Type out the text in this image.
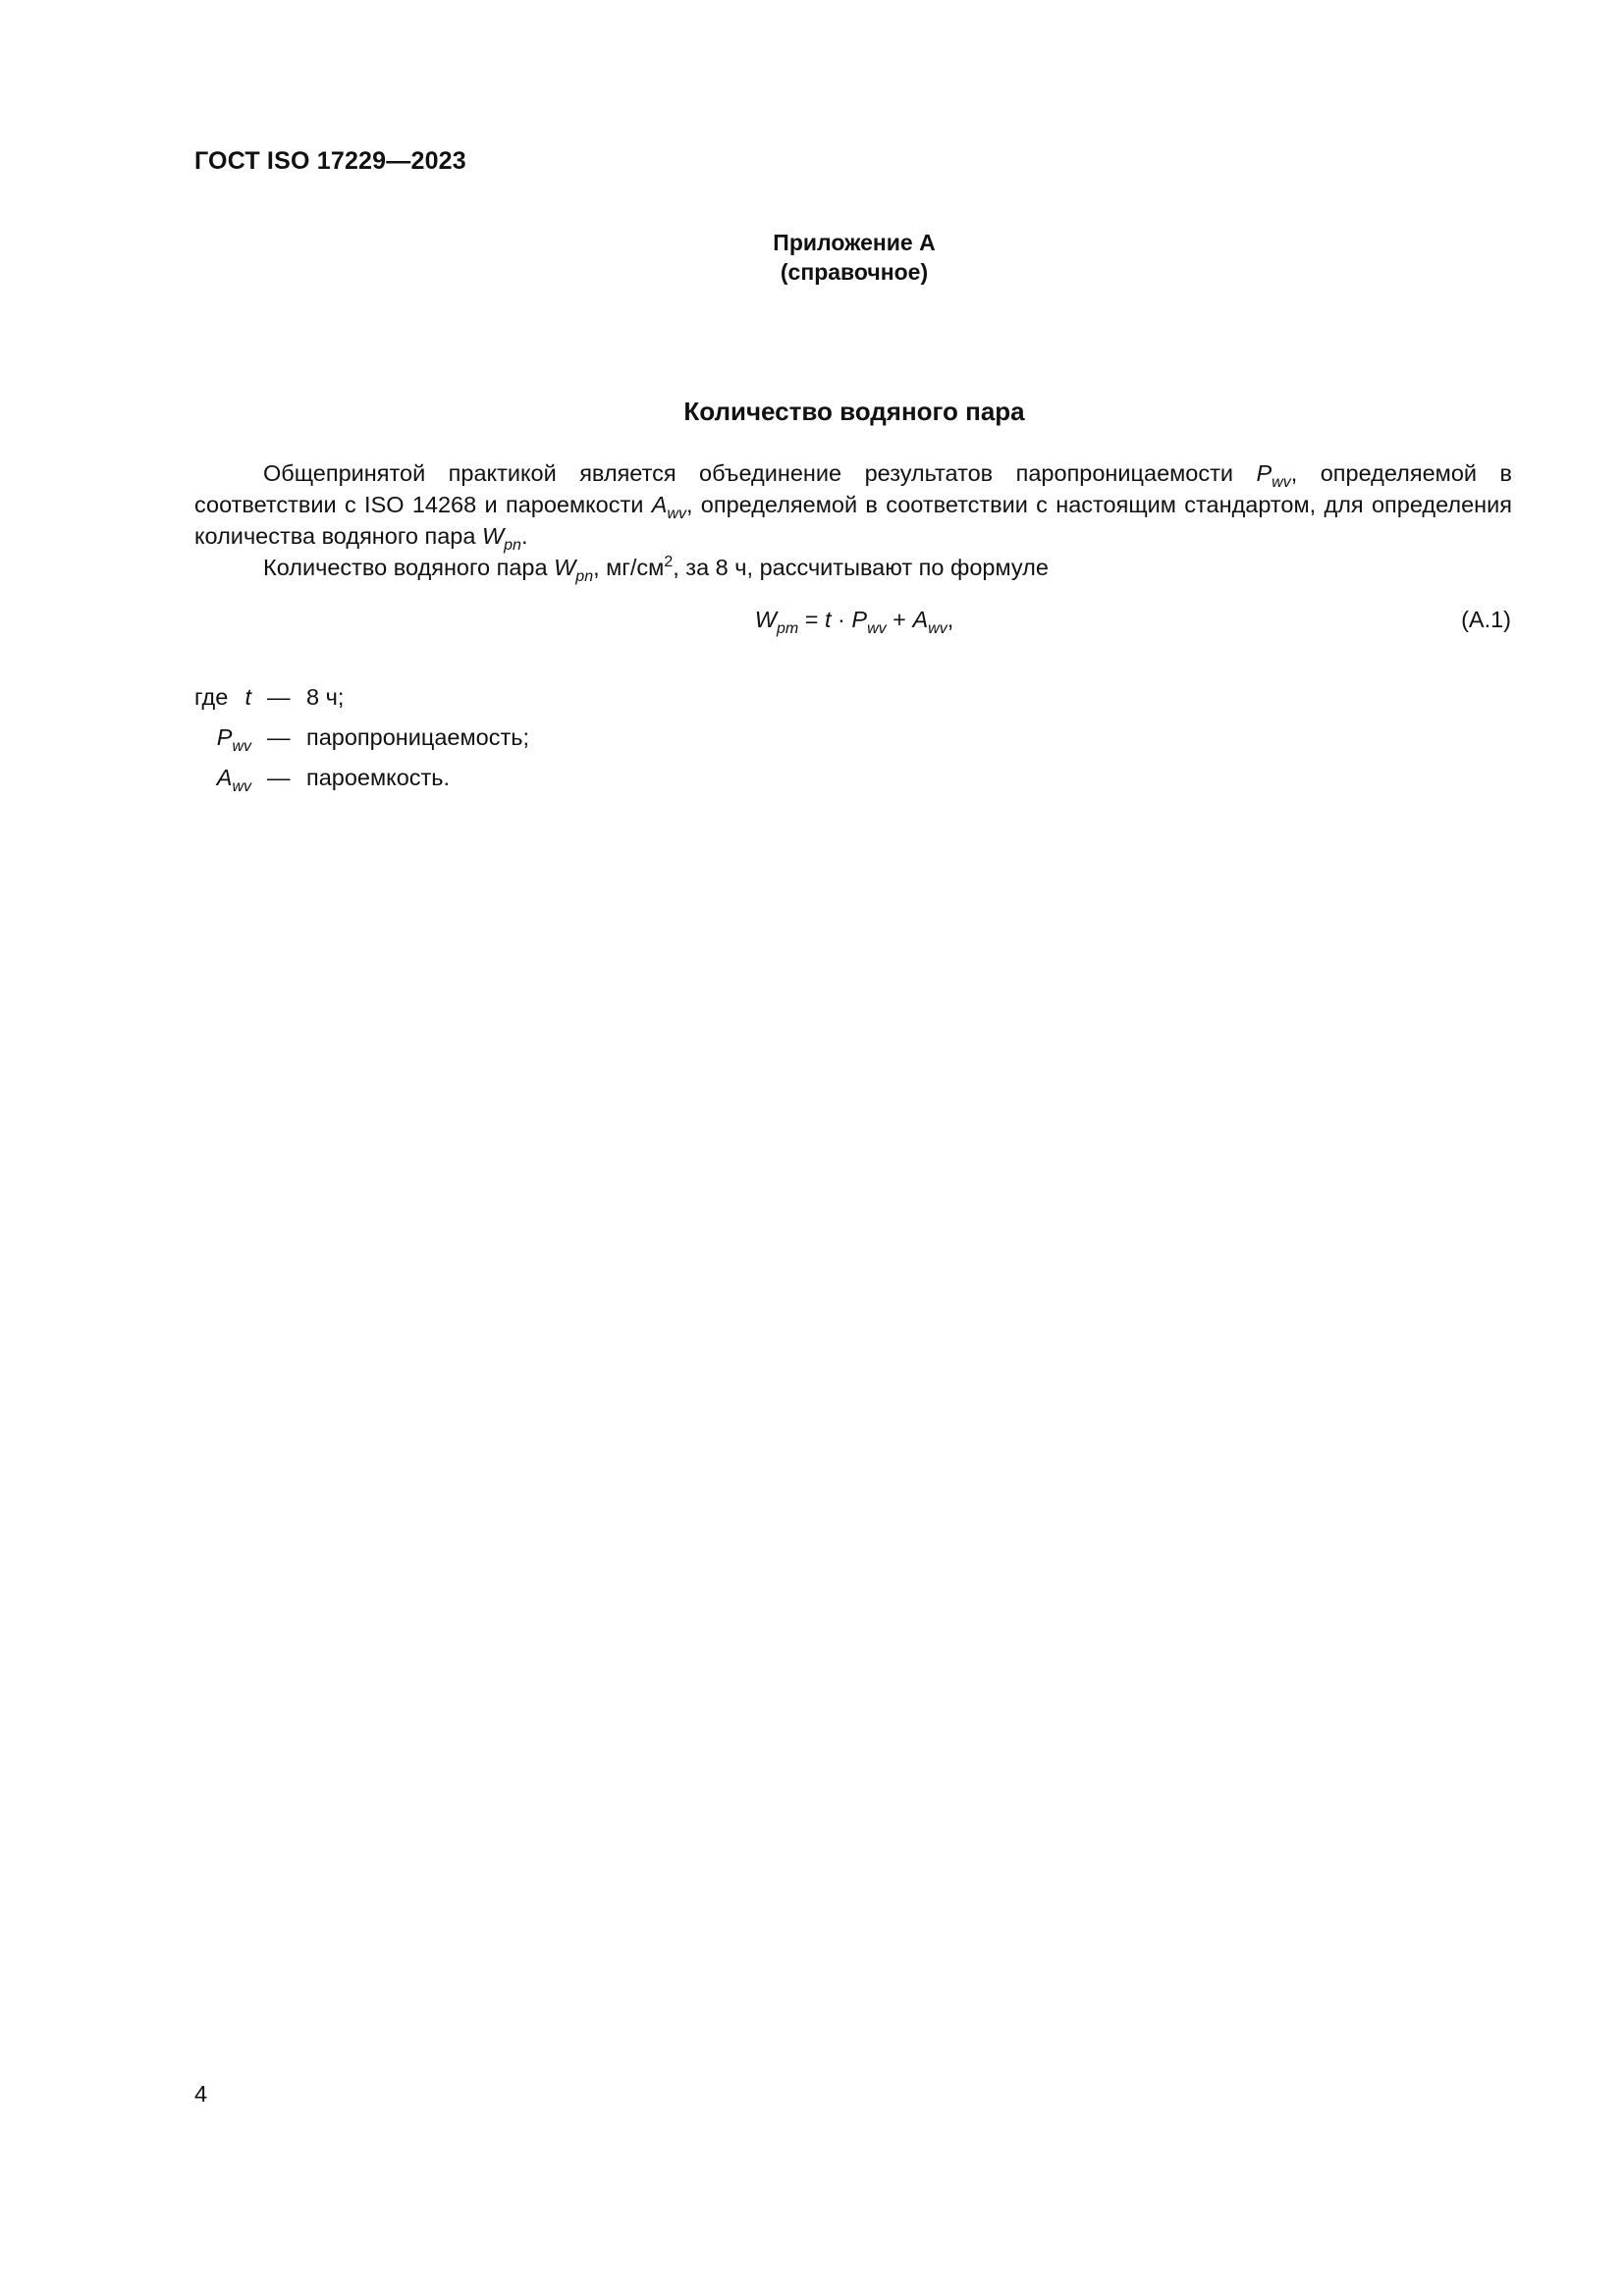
ГОСТ ISO 17229—2023
Приложение А
(справочное)
Количество водяного пара

Общепринятой практикой является объединение результатов паропроницаемости $P_{wv}$, определяемой в соответствии с ISO 14268 и пароемкости $A_{wv}$, определяемой в соответствии с настоящим стандартом, для определения количества водяного пара $W_{pn}$.

Количество водяного пара $W_{pn}$, $мг/см^2$, за 8 ч, рассчитывают по формуле

$W_{pm} = t \cdot P_{wv} + A_{wv}$,	(А.1)
где t — 8 ч;
$P_{wv}$ — паропроницаемость;
$A_{wv}$ — пароемкость.
4
